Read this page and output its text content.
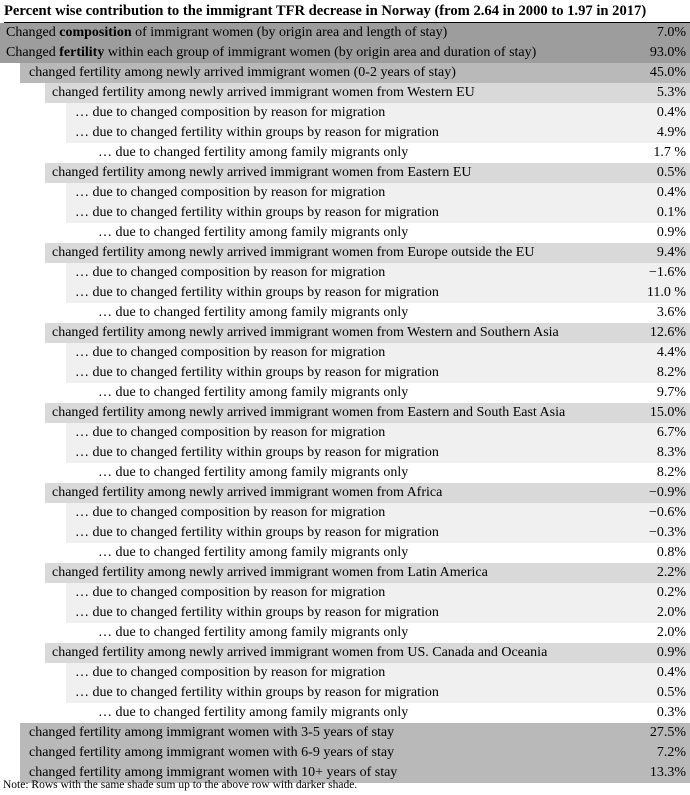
Percent wise contribution to the immigrant TFR decrease in Norway (from 2.64 in 2000 to 1.97 in 2017)
Changed composition of immigrant women (by origin area and length of stay)	7.0%
Changed fertility within each group of immigrant women (by origin area and duration of stay)	93.0%
changed fertility among newly arrived immigrant women (0-2 years of stay)	45.0%
changed fertility among newly arrived immigrant women from Western EU	5.3%
… due to changed composition by reason for migration	0.4%
… due to changed fertility within groups by reason for migration	4.9%
… due to changed fertility among family migrants only	1.7 %
changed fertility among newly arrived immigrant women from Eastern EU	0.5%
… due to changed composition by reason for migration	0.4%
… due to changed fertility within groups by reason for migration	0.1%
… due to changed fertility among family migrants only	0.9%
changed fertility among newly arrived immigrant women from Europe outside the EU	9.4%
… due to changed composition by reason for migration	−1.6%
… due to changed fertility within groups by reason for migration	11.0 %
… due to changed fertility among family migrants only	3.6%
changed fertility among newly arrived immigrant women from Western and Southern Asia	12.6%
… due to changed composition by reason for migration	4.4%
… due to changed fertility within groups by reason for migration	8.2%
… due to changed fertility among family migrants only	9.7%
changed fertility among newly arrived immigrant women from Eastern and South East Asia	15.0%
… due to changed composition by reason for migration	6.7%
… due to changed fertility within groups by reason for migration	8.3%
… due to changed fertility among family migrants only	8.2%
changed fertility among newly arrived immigrant women from Africa	−0.9%
… due to changed composition by reason for migration	−0.6%
… due to changed fertility within groups by reason for migration	−0.3%
… due to changed fertility among family migrants only	0.8%
changed fertility among newly arrived immigrant women from Latin America	2.2%
… due to changed composition by reason for migration	0.2%
… due to changed fertility within groups by reason for migration	2.0%
… due to changed fertility among family migrants only	2.0%
changed fertility among newly arrived immigrant women from US. Canada and Oceania	0.9%
… due to changed composition by reason for migration	0.4%
… due to changed fertility within groups by reason for migration	0.5%
… due to changed fertility among family migrants only	0.3%
changed fertility among immigrant women with 3-5 years of stay	27.5%
changed fertility among immigrant women with 6-9 years of stay	7.2%
changed fertility among immigrant women with 10+ years of stay	13.3%
Note: Rows with the same shade sum up to the above row with darker shade.
